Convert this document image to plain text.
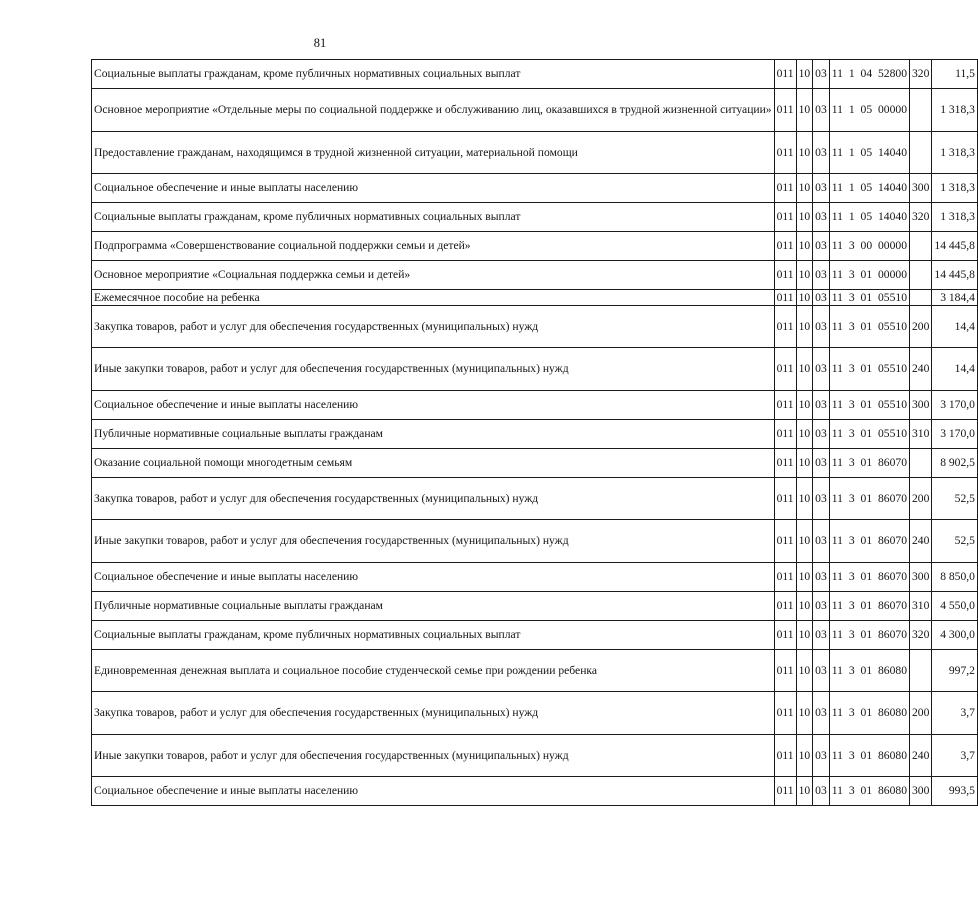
81
Социальные выплаты гражданам, кроме публичных нормативных социальных выплат	011	10	03	11 1 04 52800	320	11,5
Основное мероприятие «Отдельные меры по социальной поддержке и обслуживанию лиц, оказавшихся в трудной жизненной ситуации»	011	10	03	11 1 05 00000		1 318,3
Предоставление гражданам, находящимся в трудной жизненной ситуации, материальной помощи	011	10	03	11 1 05 14040		1 318,3
Социальное обеспечение и иные выплаты населению	011	10	03	11 1 05 14040	300	1 318,3
Социальные выплаты гражданам, кроме публичных нормативных социальных выплат	011	10	03	11 1 05 14040	320	1 318,3
Подпрограмма «Совершенствование социальной поддержки семьи и детей»	011	10	03	11 3 00 00000		14 445,8
Основное мероприятие «Социальная поддержка семьи и детей»	011	10	03	11 3 01 00000		14 445,8
Ежемесячное пособие на ребенка	011	10	03	11 3 01 05510		3 184,4
Закупка товаров, работ и услуг для обеспечения государственных (муниципальных) нужд	011	10	03	11 3 01 05510	200	14,4
Иные закупки товаров, работ и услуг для обеспечения государственных (муниципальных) нужд	011	10	03	11 3 01 05510	240	14,4
Социальное обеспечение и иные выплаты населению	011	10	03	11 3 01 05510	300	3 170,0
Публичные нормативные социальные выплаты гражданам	011	10	03	11 3 01 05510	310	3 170,0
Оказание социальной помощи многодетным семьям	011	10	03	11 3 01 86070		8 902,5
Закупка товаров, работ и услуг для обеспечения государственных (муниципальных) нужд	011	10	03	11 3 01 86070	200	52,5
Иные закупки товаров, работ и услуг для обеспечения государственных (муниципальных) нужд	011	10	03	11 3 01 86070	240	52,5
Социальное обеспечение и иные выплаты населению	011	10	03	11 3 01 86070	300	8 850,0
Публичные нормативные социальные выплаты гражданам	011	10	03	11 3 01 86070	310	4 550,0
Социальные выплаты гражданам, кроме публичных нормативных социальных выплат	011	10	03	11 3 01 86070	320	4 300,0
Единовременная денежная выплата и социальное пособие студенческой семье при рождении ребенка	011	10	03	11 3 01 86080		997,2
Закупка товаров, работ и услуг для обеспечения государственных (муниципальных) нужд	011	10	03	11 3 01 86080	200	3,7
Иные закупки товаров, работ и услуг для обеспечения государственных (муниципальных) нужд	011	10	03	11 3 01 86080	240	3,7
Социальное обеспечение и иные выплаты населению	011	10	03	11 3 01 86080	300	993,5
